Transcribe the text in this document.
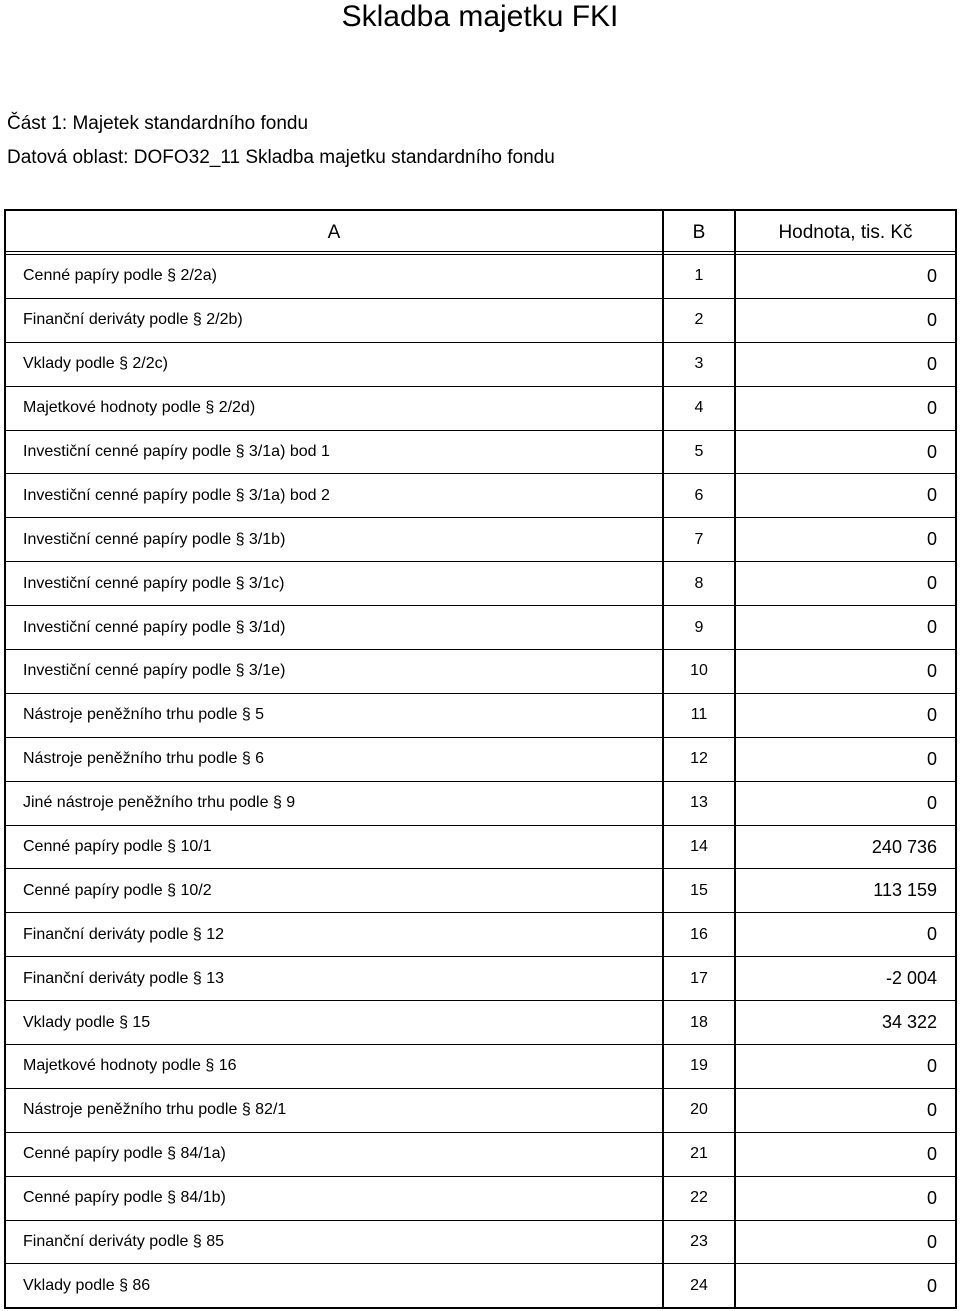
Skladba majetku FKI
Část 1: Majetek standardního fondu
Datová oblast: DOFO32_11 Skladba majetku standardního fondu
A	B	Hodnota, tis. Kč
Cenné papíry podle § 2/2a)	1	0
Finanční deriváty podle § 2/2b)	2	0
Vklady podle § 2/2c)	3	0
Majetkové hodnoty podle § 2/2d)	4	0
Investiční cenné papíry podle § 3/1a) bod 1	5	0
Investiční cenné papíry podle § 3/1a) bod 2	6	0
Investiční cenné papíry podle § 3/1b)	7	0
Investiční cenné papíry podle § 3/1c)	8	0
Investiční cenné papíry podle § 3/1d)	9	0
Investiční cenné papíry podle § 3/1e)	10	0
Nástroje peněžního trhu podle § 5	11	0
Nástroje peněžního trhu podle § 6	12	0
Jiné nástroje peněžního trhu podle § 9	13	0
Cenné papíry podle § 10/1	14	240 736
Cenné papíry podle § 10/2	15	113 159
Finanční deriváty podle § 12	16	0
Finanční deriváty podle § 13	17	-2 004
Vklady podle § 15	18	34 322
Majetkové hodnoty podle § 16	19	0
Nástroje peněžního trhu podle § 82/1	20	0
Cenné papíry podle § 84/1a)	21	0
Cenné papíry podle § 84/1b)	22	0
Finanční deriváty podle § 85	23	0
Vklady podle § 86	24	0
